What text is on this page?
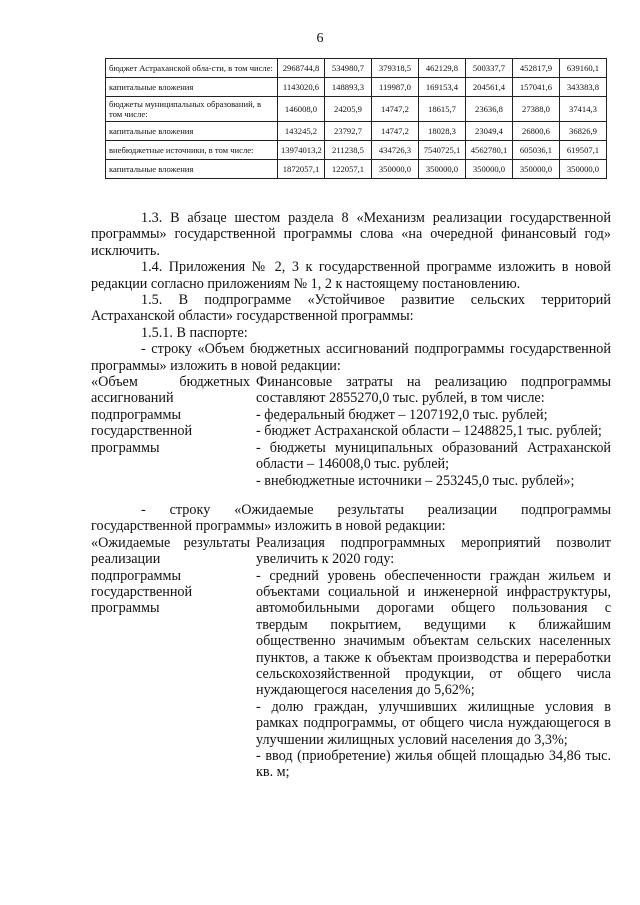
6
бюджет Астраханской обла-сти, в том числе:	2968744,8	534980,7	379318,5	462129,8	500337,7	452817,9	639160,1
капитальные вложения	1143020,6	148893,3	119987,0	169153,4	204561,4	157041,6	343383,8
бюджеты муниципальных образований, в том числе:	146008,0	24205,9	14747,2	18615,7	23636,8	27388,0	37414,3
капитальные вложения	143245,2	23792,7	14747,2	18028,3	23049,4	26800,6	36826,9
внебюджетные источники, в том числе:	13974013,2	211238,5	434726,3	7540725,1	4562780,1	605036,1	619507,1
капитальные вложения	1872057,1	122057,1	350000,0	350000,0	350000,0	350000,0	350000,0

1.3. В абзаце шестом раздела 8 «Механизм реализации государственной программы» государственной программы слова «на очередной финансовый год» исключить.

1.4. Приложения № 2, 3 к государственной программе изложить в новой редакции согласно приложениям № 1, 2 к настоящему постановлению.

1.5. В подпрограмме «Устойчивое развитие сельских территорий Астраханской области» государственной программы:

1.5.1. В паспорте:

- строку «Объем бюджетных ассигнований подпрограммы государственной программы» изложить в новой редакции:

«Объем бюджетных ассигнований подпрограммы государственной программы

Финансовые затраты на реализацию подпрограммы составляют 2855270,0 тыс. рублей, в том числе:

- федеральный бюджет – 1207192,0 тыс. рублей;

- бюджет Астраханской области – 1248825,1 тыс. рублей;

- бюджеты муниципальных образований Астраханской области – 146008,0 тыс. рублей;

- внебюджетные источники – 253245,0 тыс. рублей»;

- строку «Ожидаемые результаты реализации подпрограммы государственной программы» изложить в новой редакции:

«Ожидаемые результаты реализации подпрограммы государственной программы

Реализация подпрограммных мероприятий позволит увеличить к 2020 году:

- средний уровень обеспеченности граждан жильем и объектами социальной и инженерной инфраструктуры, автомобильными дорогами общего пользования с твердым покрытием, ведущими к ближайшим общественно значимым объектам сельских населенных пунктов, а также к объектам производства и переработки сельскохозяйственной продукции, от общего числа нуждающегося населения до 5,62%;

- долю граждан, улучшивших жилищные условия в рамках подпрограммы, от общего числа нуждающегося в улучшении жилищных условий населения до 3,3%;

- ввод (приобретение) жилья общей площадью 34,86 тыс. кв. м;
